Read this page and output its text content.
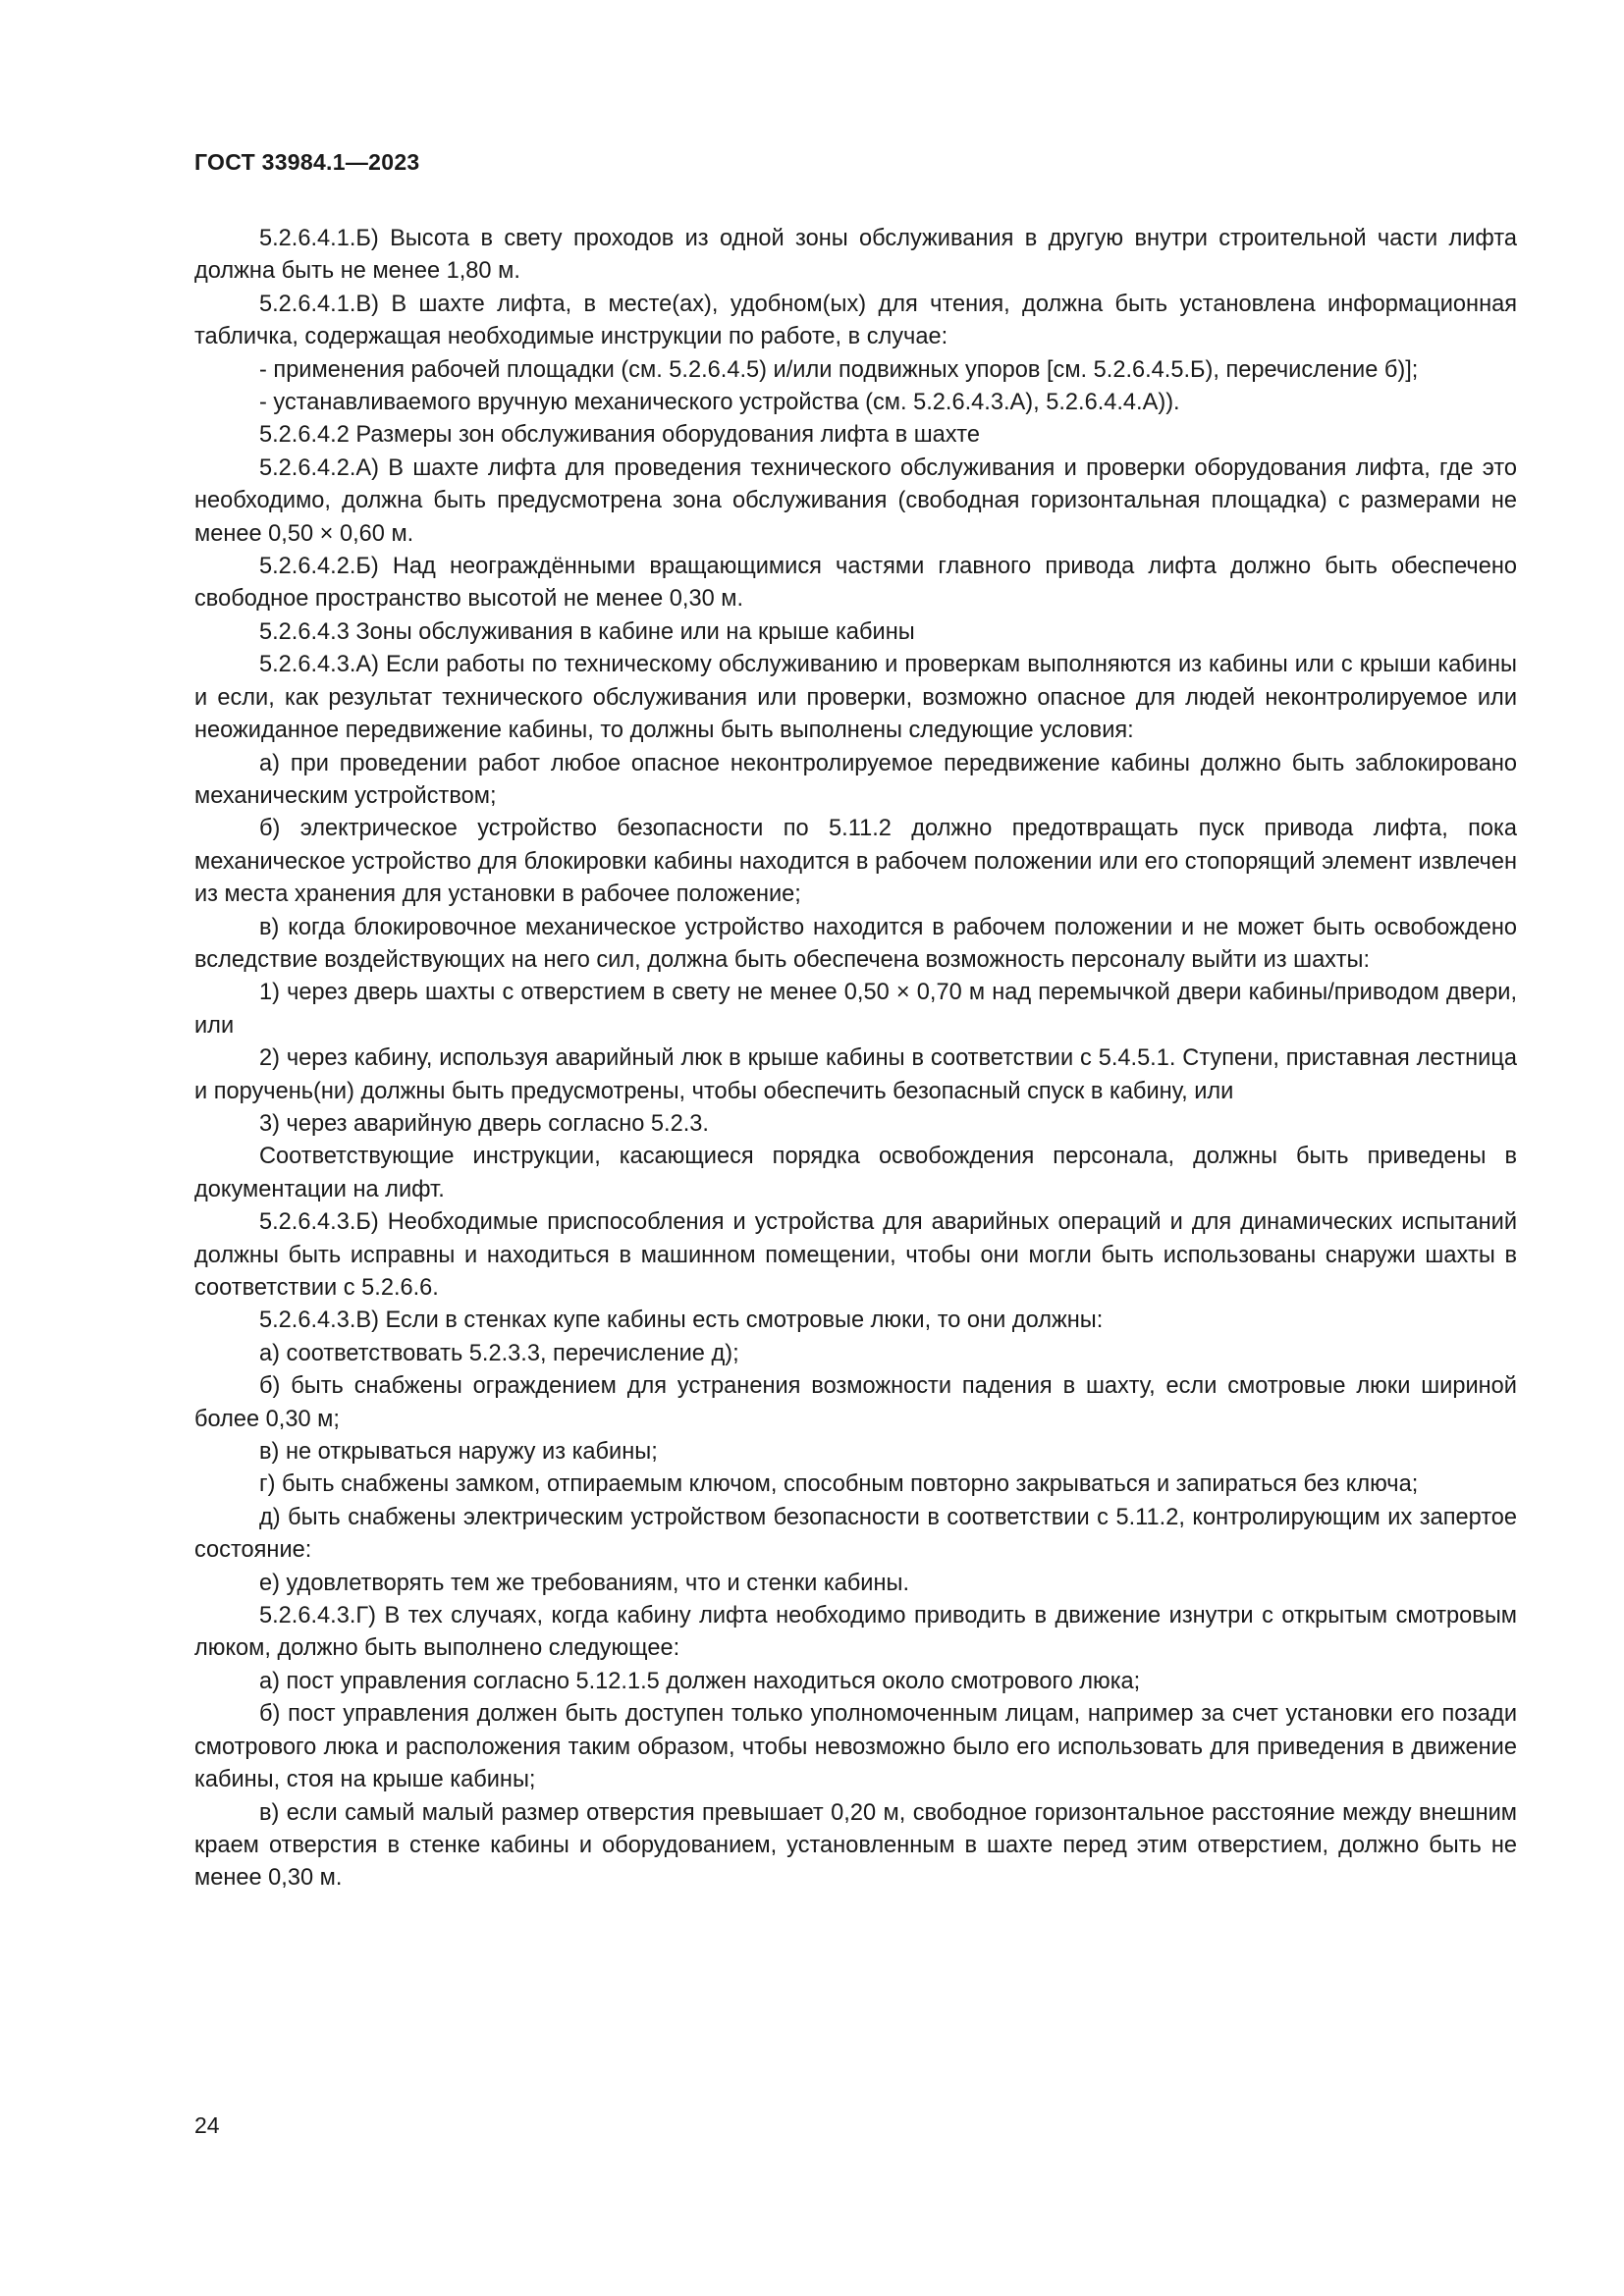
ГОСТ 33984.1—2023

5.2.6.4.1.Б) Высота в свету проходов из одной зоны обслуживания в другую внутри строительной части лифта должна быть не менее 1,80 м.

5.2.6.4.1.В) В шахте лифта, в месте(ах), удобном(ых) для чтения, должна быть установлена информационная табличка, содержащая необходимые инструкции по работе, в случае:

- применения рабочей площадки (см. 5.2.6.4.5) и/или подвижных упоров [см. 5.2.6.4.5.Б), перечисление б)];

- устанавливаемого вручную механического устройства (см. 5.2.6.4.3.А), 5.2.6.4.4.А)).

5.2.6.4.2 Размеры зон обслуживания оборудования лифта в шахте

5.2.6.4.2.А) В шахте лифта для проведения технического обслуживания и проверки оборудования лифта, где это необходимо, должна быть предусмотрена зона обслуживания (свободная горизонтальная площадка) с размерами не менее 0,50 × 0,60 м.

5.2.6.4.2.Б) Над неограждёнными вращающимися частями главного привода лифта должно быть обеспечено свободное пространство высотой не менее 0,30 м.

5.2.6.4.3 Зоны обслуживания в кабине или на крыше кабины

5.2.6.4.3.А) Если работы по техническому обслуживанию и проверкам выполняются из кабины или с крыши кабины и если, как результат технического обслуживания или проверки, возможно опасное для людей неконтролируемое или неожиданное передвижение кабины, то должны быть выполнены следующие условия:

а) при проведении работ любое опасное неконтролируемое передвижение кабины должно быть заблокировано механическим устройством;

б) электрическое устройство безопасности по 5.11.2 должно предотвращать пуск привода лифта, пока механическое устройство для блокировки кабины находится в рабочем положении или его стопорящий элемент извлечен из места хранения для установки в рабочее положение;

в) когда блокировочное механическое устройство находится в рабочем положении и не может быть освобождено вследствие воздействующих на него сил, должна быть обеспечена возможность персоналу выйти из шахты:

1) через дверь шахты с отверстием в свету не менее 0,50 × 0,70 м над перемычкой двери кабины/приводом двери, или

2) через кабину, используя аварийный люк в крыше кабины в соответствии с 5.4.5.1. Ступени, приставная лестница и поручень(ни) должны быть предусмотрены, чтобы обеспечить безопасный спуск в кабину, или

3) через аварийную дверь согласно 5.2.3.

Соответствующие инструкции, касающиеся порядка освобождения персонала, должны быть приведены в документации на лифт.

5.2.6.4.3.Б) Необходимые приспособления и устройства для аварийных операций и для динамических испытаний должны быть исправны и находиться в машинном помещении, чтобы они могли быть использованы снаружи шахты в соответствии с 5.2.6.6.

5.2.6.4.3.В) Если в стенках купе кабины есть смотровые люки, то они должны:

а) соответствовать 5.2.3.3, перечисление д);

б) быть снабжены ограждением для устранения возможности падения в шахту, если смотровые люки шириной более 0,30 м;

в) не открываться наружу из кабины;

г) быть снабжены замком, отпираемым ключом, способным повторно закрываться и запираться без ключа;

д) быть снабжены электрическим устройством безопасности в соответствии с 5.11.2, контролирующим их запертое состояние:

е) удовлетворять тем же требованиям, что и стенки кабины.

5.2.6.4.3.Г) В тех случаях, когда кабину лифта необходимо приводить в движение изнутри с открытым смотровым люком, должно быть выполнено следующее:

а) пост управления согласно 5.12.1.5 должен находиться около смотрового люка;

б) пост управления должен быть доступен только уполномоченным лицам, например за счет установки его позади смотрового люка и расположения таким образом, чтобы невозможно было его использовать для приведения в движение кабины, стоя на крыше кабины;

в) если самый малый размер отверстия превышает 0,20 м, свободное горизонтальное расстояние между внешним краем отверстия в стенке кабины и оборудованием, установленным в шахте перед этим отверстием, должно быть не менее 0,30 м.

24
